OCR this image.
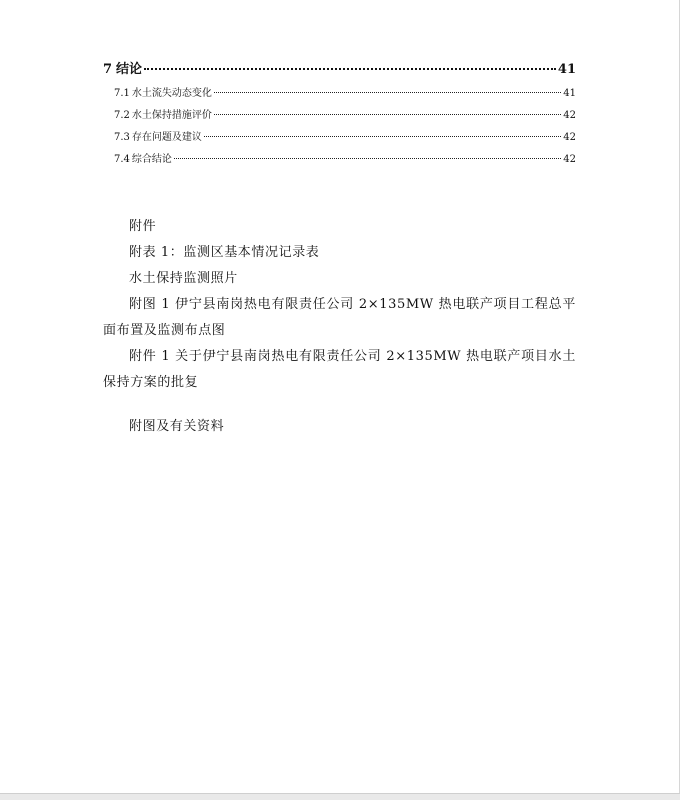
7 结论	41
7.1 水土流失动态变化	41
7.2 水土保持措施评价	42
7.3 存在问题及建议	42
7.4 综合结论	42

附件

附表 1：监测区基本情况记录表

水土保持监测照片

附图 1 伊宁县南岗热电有限责任公司 2×135MW 热电联产项目工程总平面布置及监测布点图

附件 1 关于伊宁县南岗热电有限责任公司 2×135MW 热电联产项目水土保持方案的批复

附图及有关资料
